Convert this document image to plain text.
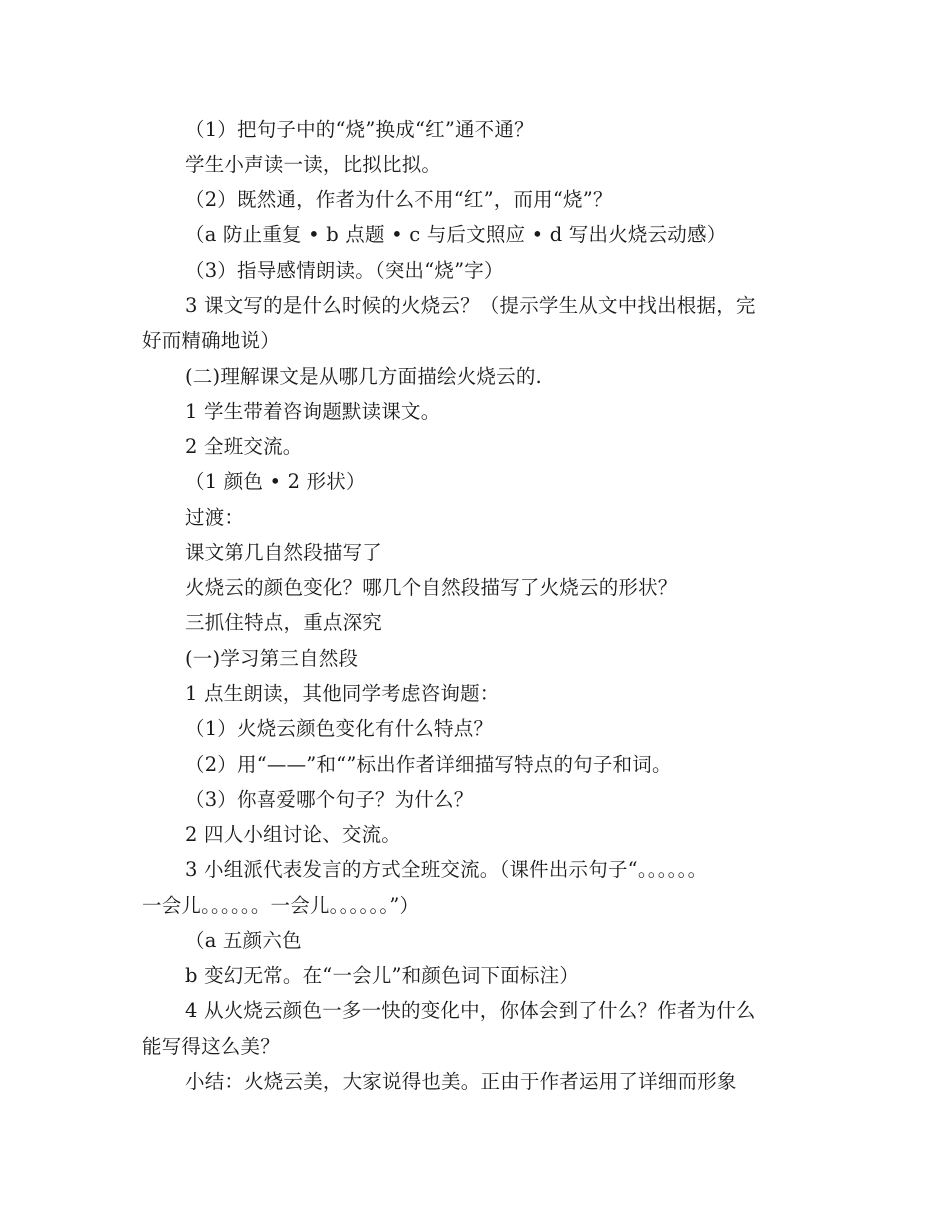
（1）把句子中的“烧”换成“红”通不通？
学生小声读一读，比拟比拟。
（2）既然通，作者为什么不用“红”，而用“烧”？
（a 防止重复 • b 点题 • c 与后文照应 • d 写出火烧云动感）
（3）指导感情朗读。（突出“烧”字）
3 课文写的是什么时候的火烧云？（提示学生从文中找出根据，完
好而精确地说）
(二)理解课文是从哪几方面描绘火烧云的.
1 学生带着咨询题默读课文。
2 全班交流。
（1 颜色 • 2 形状）
过渡：
课文第几自然段描写了
火烧云的颜色变化？哪几个自然段描写了火烧云的形状？
三抓住特点，重点深究
(一)学习第三自然段
1 点生朗读，其他同学考虑咨询题：
（1）火烧云颜色变化有什么特点？
（2）用“——”和“”标出作者详细描写特点的句子和词。
（3）你喜爱哪个句子？为什么？
2 四人小组讨论、交流。
3 小组派代表发言的方式全班交流。（课件出示句子“。。。。。。
一会儿。。。。。。一会儿。。。。。。”）
（a 五颜六色
b 变幻无常。在“一会儿”和颜色词下面标注）
4 从火烧云颜色一多一快的变化中，你体会到了什么？作者为什么
能写得这么美？
小结：火烧云美，大家说得也美。正由于作者运用了详细而形象
